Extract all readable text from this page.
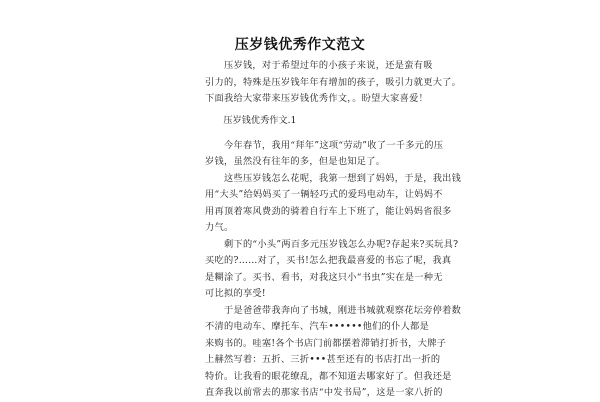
压岁钱优秀作文范文

　　压岁钱，对于希望过年的小孩子来说，还是蛮有吸
引力的，特殊是压岁钱年年有增加的孩子，吸引力就更大了。
下面我给大家带来压岁钱优秀作文，。盼望大家喜爱！

　　压岁钱优秀作文.1

　　今年春节，我用“拜年”这项“劳动”收了一千多元的压
岁钱，虽然没有往年的多，但是也知足了。
　　这些压岁钱怎么花呢，我第一想到了妈妈，于是，我出钱
用“大头”给妈妈买了一辆轻巧式的爱玛电动车，让妈妈不
用再顶着寒风费劲的骑着自行车上下班了，能让妈妈省很多
力气。
　　剩下的“小头”两百多元压岁钱怎么办呢?存起来?买玩具?
买吃的?……对了，买书!怎么把我最喜爱的书忘了呢，我真
是糊涂了。买书、看书，对我这只小“书虫”实在是一种无
可比拟的享受!
　　于是爸爸带我奔向了书城，刚进书城就观察花坛旁停着数
不清的电动车、摩托车、汽车••••••他们的仆人都是
来购书的。哇塞!各个书店门前都摆着滞销打折书，大牌子
上赫然写着：五折、三折•••甚至还有的书店打出一折的
特价。让我看的眼花缭乱，都不知道去哪家好了。但我还是
直奔我以前常去的那家书店“中发书局”，这是一家八折的
